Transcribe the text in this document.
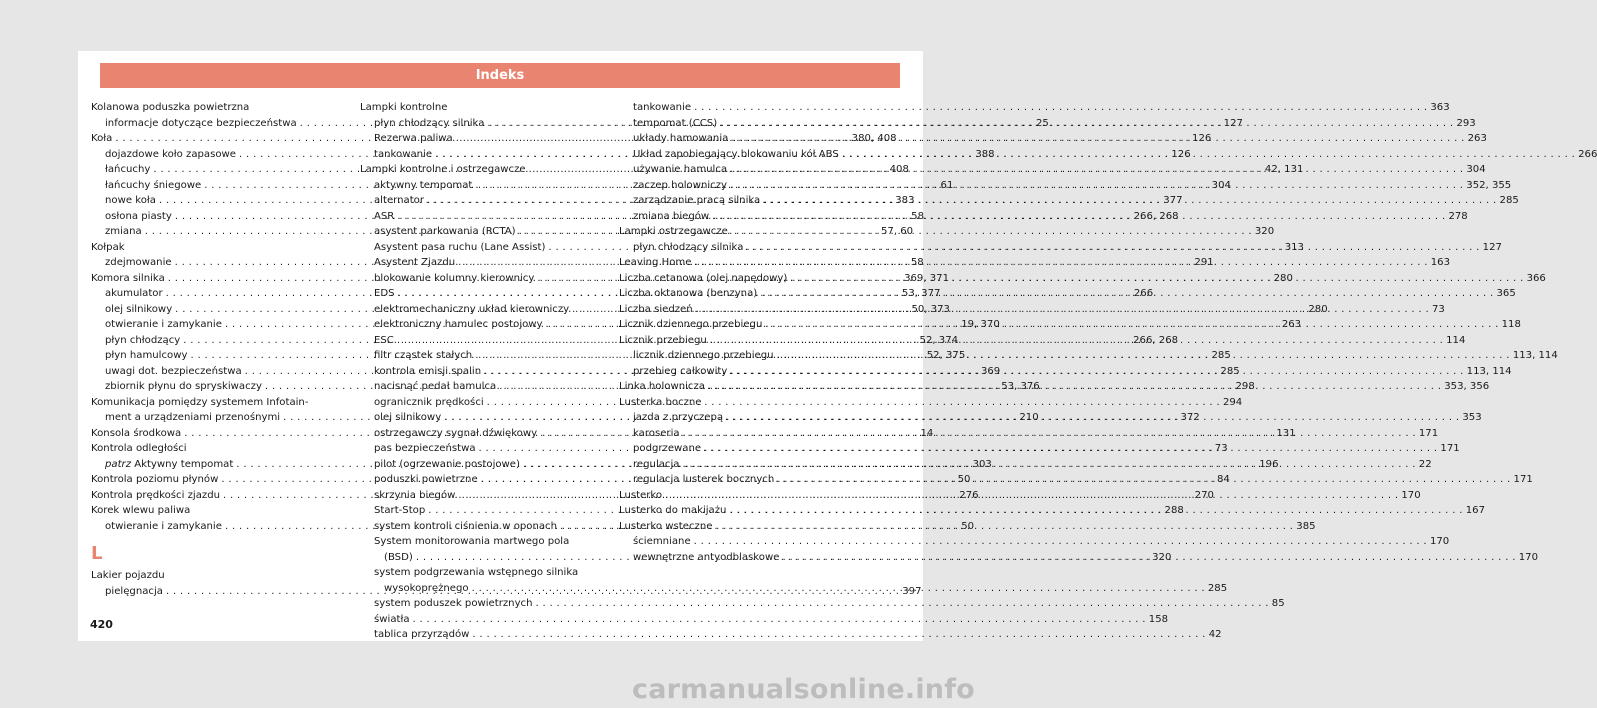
Indeks
Kolanowa poduszka powietrzna
informacje dotyczące bezpieczeństwa . . .	25
Koła . . .	380, 408
dojazdowe koło zapasowe . . .	388
łańcuchy . . .	408
łańcuchy śniegowe . . .	61
nowe koła . . .	383
osłona piasty . . .	58
zmiana . . .	57, 60
Kołpak
zdejmowanie . . .	58
Komora silnika . . .	369, 371
akumulator . . .	53, 377
olej silnikowy . . .	50, 373
otwieranie i zamykanie . . .	19, 370
płyn chłodzący . . .	52, 374
płyn hamulcowy . . .	52, 375
uwagi dot. bezpieczeństwa . . .	369
zbiornik płynu do spryskiwaczy . . .	53, 376
Komunikacja pomiędzy systemem Infotain-
ment a urządzeniami przenośnymi . . .	210
Konsola środkowa . . .	14
Kontrola odległości
patrz Aktywny tempomat . . .	303
Kontrola poziomu płynów . . .	50
Kontrola prędkości zjazdu . . .	276
Korek wlewu paliwa
otwieranie i zamykanie . . .	50
L
Lakier pojazdu
pielęgnacja . . .	397
Lampki kontrolne
płyn chłodzący silnika . . .	127
Rezerwa paliwa . . .	126
tankowanie . . .	126
Lampki kontrolne i ostrzegawcze . . .	42, 131
aktywny tempomat . . .	304
alternator . . .	377
ASR . . .	266, 268
asystent parkowania (RCTA) . . .	320
Asystent pasa ruchu (Lane Assist) . . .	313
Asystent Zjazdu . . .	291
blokowanie kolumny kierownicy . . .	280
EDS . . .	266
elektromechaniczny układ kierowniczy . . .	280
elektroniczny hamulec postojowy . . .	263
ESC . . .	266, 268
filtr cząstek stałych . . .	285
kontrola emisji spalin . . .	285
nacisnąć pedał hamulca . . .	298
ogranicznik prędkości . . .	294
olej silnikowy . . .	372
ostrzegawczy sygnał dźwiękowy . . .	131
pas bezpieczeństwa . . .	73
pilot (ogrzewanie postojowe) . . .	196
poduszki powietrzne . . .	84
skrzynia biegów . . .	270
Start-Stop . . .	288
system kontroli ciśnienia w oponach . . .	385
System monitorowania martwego pola
(BSD) . . .	320
system podgrzewania wstępnego silnika
wysokoprężnego . . .	285
system poduszek powietrznych . . .	85
światła . . .	158
tablica przyrządów . . .	42
tankowanie . . .	363
tempomat (CCS) . . .	293
układy hamowania . . .	263
Układ zapobiegający blokowaniu kół ABS . . .	266
używanie hamulca . . .	304
zaczep holowniczy . . .	352, 355
zarządzanie pracą silnika . . .	285
zmiana biegów . . .	278
Lampki ostrzegawcze
płyn chłodzący silnika . . .	127
Leaving Home . . .	163
Liczba cetanowa (olej napędowy) . . .	366
Liczba oktanowa (benzyna) . . .	365
Liczba siedzeń . . .	73
Licznik dziennego przebiegu . . .	118
Licznik przebiegu . . .	114
licznik dziennego przebiegu . . .	113, 114
przebieg całkowity . . .	113, 114
Linka holownicza . . .	353, 356
Lusterka boczne
jazda z przyczepą . . .	353
karoseria . . .	171
podgrzewane . . .	171
regulacja . . .	22
regulacja lusterek bocznych . . .	171
Lusterko . . .	170
Lusterko do makijażu . . .	167
Lusterko wsteczne
ściemniane . . .	170
wewnętrzne antyodblaskowe . . .	170
420
carmanualsonline.info
